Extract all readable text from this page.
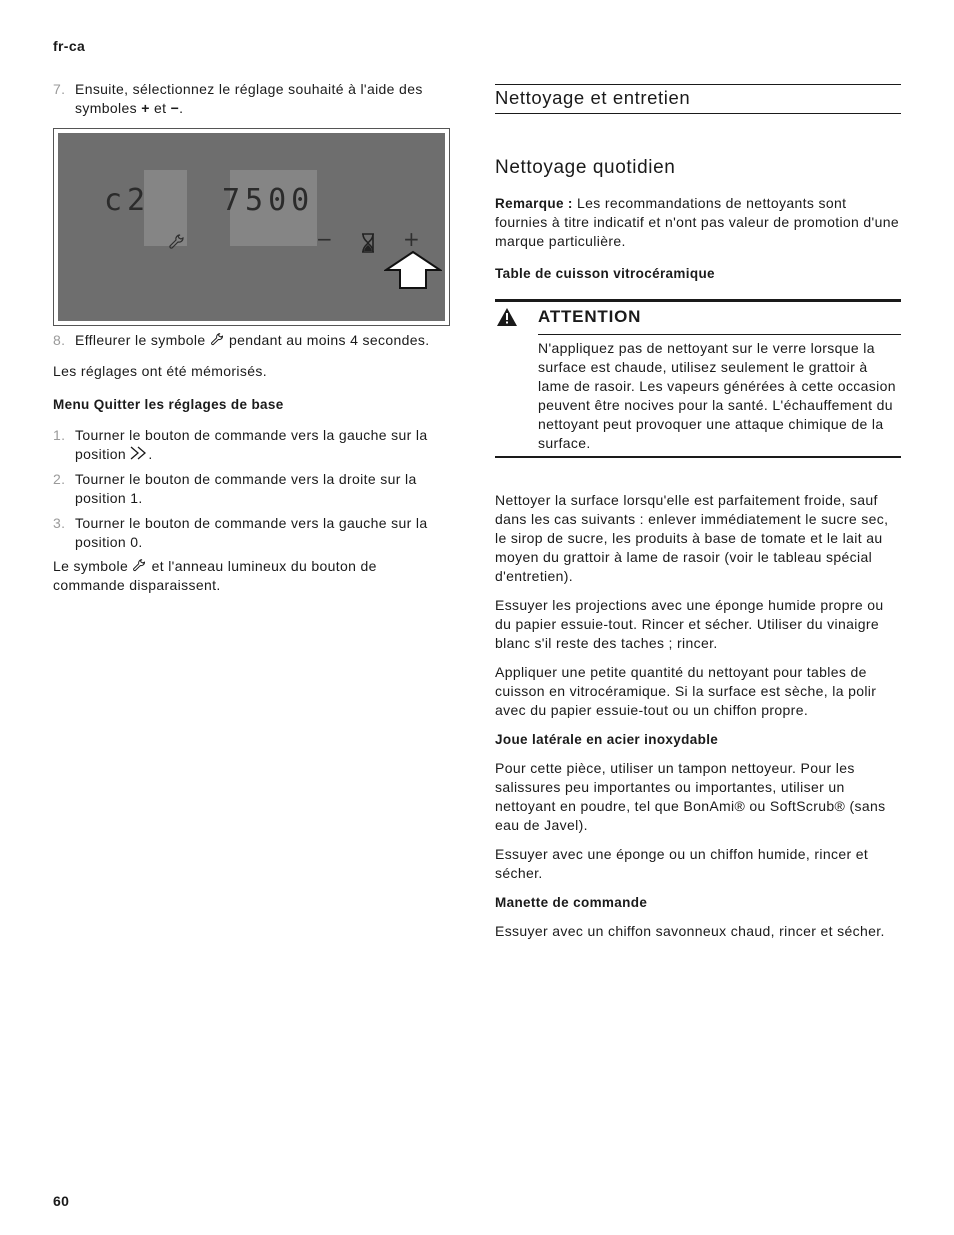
fr-ca
60
7. Ensuite, sélectionnez le réglage souhaité à l'aide des symboles + et −.
c2 7500
−	+
8. Effleurer le symbole pendant au moins 4 secondes.

Les réglages ont été mémorisés.

Menu Quitter les réglages de base
1. Tourner le bouton de commande vers la gauche sur la position .
2. Tourner le bouton de commande vers la droite sur la position 1.
3. Tourner le bouton de commande vers la gauche sur la position 0.

Le symbole et l'anneau lumineux du bouton de commande disparaissent.

Nettoyage et entretien
Nettoyage quotidien

Remarque : Les recommandations de nettoyants sont fournies à titre indicatif et n'ont pas valeur de promotion d'une marque particulière.

Table de cuisson vitrocéramique
ATTENTION
N'appliquez pas de nettoyant sur le verre lorsque la surface est chaude, utilisez seulement le grattoir à lame de rasoir. Les vapeurs générées à cette occasion peuvent être nocives pour la santé. L'échauffement du nettoyant peut provoquer une attaque chimique de la surface.

Nettoyer la surface lorsqu'elle est parfaitement froide, sauf dans les cas suivants : enlever immédiatement le sucre sec, le sirop de sucre, les produits à base de tomate et le lait au moyen du grattoir à lame de rasoir (voir le tableau spécial d'entretien).

Essuyer les projections avec une éponge humide propre ou du papier essuie-tout. Rincer et sécher. Utiliser du vinaigre blanc s'il reste des taches ; rincer.

Appliquer une petite quantité du nettoyant pour tables de cuisson en vitrocéramique. Si la surface est sèche, la polir avec du papier essuie-tout ou un chiffon propre.

Joue latérale en acier inoxydable

Pour cette pièce, utiliser un tampon nettoyeur. Pour les salissures peu importantes ou importantes, utiliser un nettoyant en poudre, tel que BonAmi® ou SoftScrub® (sans eau de Javel).

Essuyer avec une éponge ou un chiffon humide, rincer et sécher.

Manette de commande

Essuyer avec un chiffon savonneux chaud, rincer et sécher.
